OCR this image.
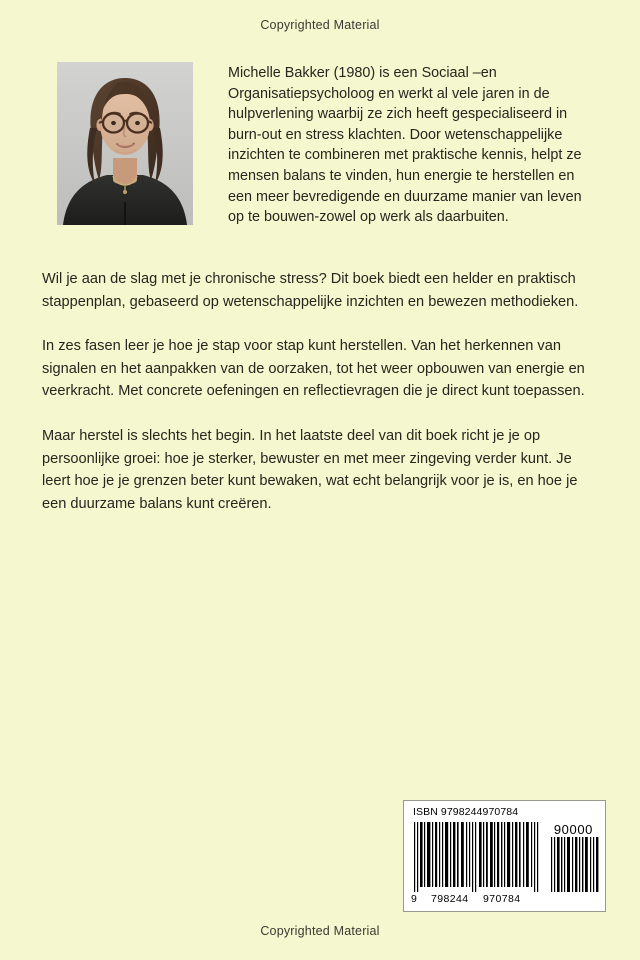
Copyrighted Material
Michelle Bakker (1980) is een Sociaal –en Organisatiepsycholoog en werkt al vele jaren in de hulpverlening waarbij ze zich heeft gespecialiseerd in burn-out en stress klachten. Door wetenschappelijke inzichten te combineren met praktische kennis, helpt ze mensen balans te vinden, hun energie te herstellen en een meer bevredigende en duurzame manier van leven op te bouwen-zowel op werk als daarbuiten.

Wil je aan de slag met je chronische stress? Dit boek biedt een helder en praktisch stappenplan, gebaseerd op wetenschappelijke inzichten en bewezen methodieken.

In zes fasen leer je hoe je stap voor stap kunt herstellen. Van het herkennen van signalen en het aanpakken van de oorzaken, tot het weer opbouwen van energie en veerkracht. Met concrete oefeningen en reflectievragen die je direct kunt toepassen.

Maar herstel is slechts het begin. In het laatste deel van dit boek richt je je op persoonlijke groei: hoe je sterker, bewuster en met meer zingeving verder kunt. Je leert hoe je je grenzen beter kunt bewaken, wat echt belangrijk voor je is, en hoe je een duurzame balans kunt creëren.

ISBN 9798244970784
90000
9 798244 970784
Copyrighted Material
